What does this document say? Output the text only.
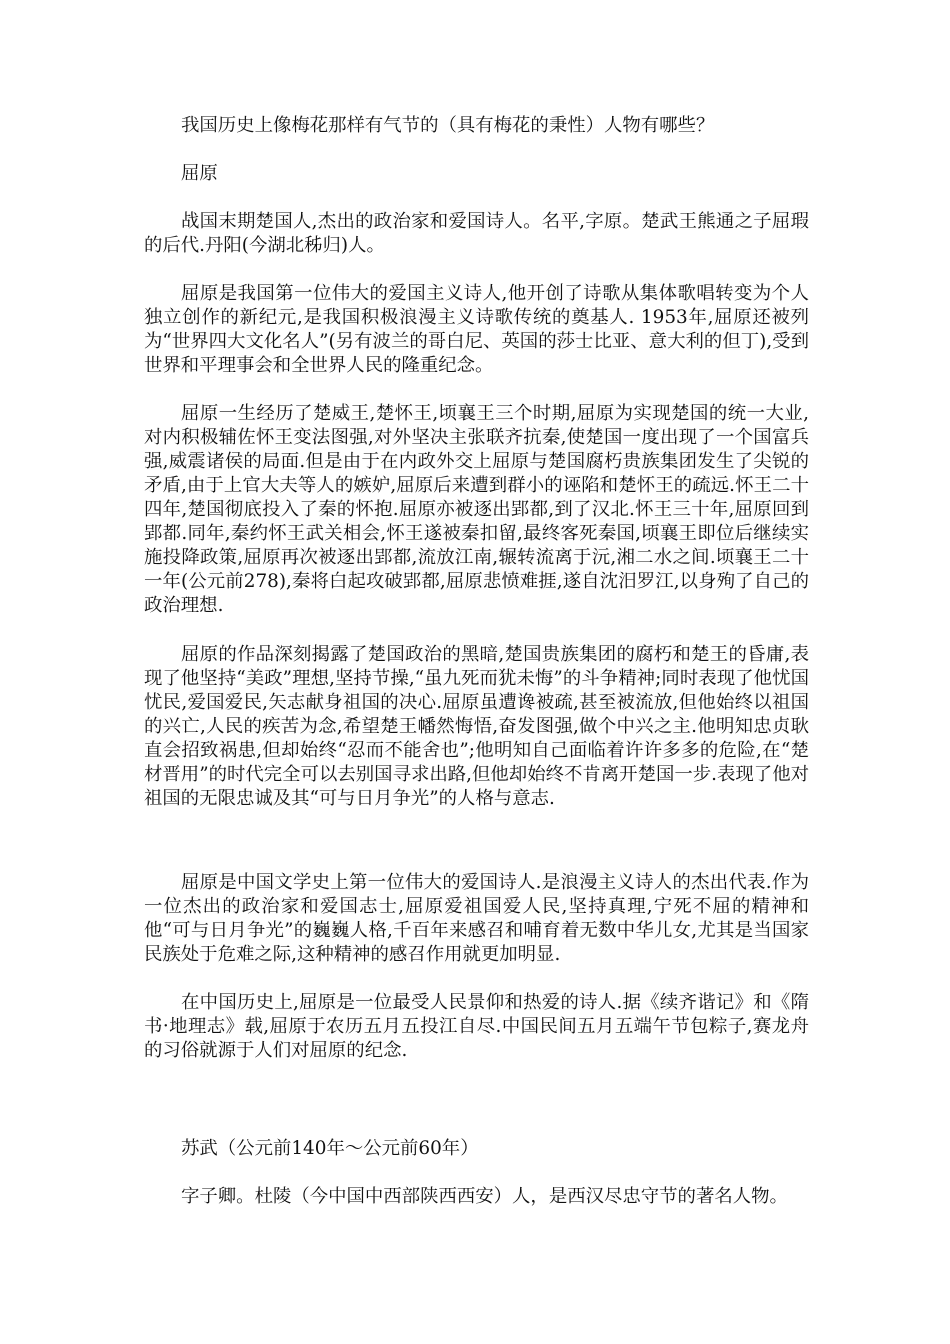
我国历史上像梅花那样有气节的（具有梅花的秉性）人物有哪些？

屈原

战国末期楚国人,杰出的政治家和爱国诗人。名平,字原。楚武王熊通之子屈瑕的后代.丹阳(今湖北秭归)人。

屈原是我国第一位伟大的爱国主义诗人,他开创了诗歌从集体歌唱转变为个人独立创作的新纪元,是我国积极浪漫主义诗歌传统的奠基人. 1953年,屈原还被列为“世界四大文化名人”(另有波兰的哥白尼、英国的莎士比亚、意大利的但丁),受到世界和平理事会和全世界人民的隆重纪念。

屈原一生经历了楚威王,楚怀王,顷襄王三个时期,屈原为实现楚国的统一大业,对内积极辅佐怀王变法图强,对外坚决主张联齐抗秦,使楚国一度出现了一个国富兵强,威震诸侯的局面.但是由于在内政外交上屈原与楚国腐朽贵族集团发生了尖锐的矛盾,由于上官大夫等人的嫉妒,屈原后来遭到群小的诬陷和楚怀王的疏远.怀王二十四年,楚国彻底投入了秦的怀抱.屈原亦被逐出郢都,到了汉北.怀王三十年,屈原回到郢都.同年,秦约怀王武关相会,怀王遂被秦扣留,最终客死秦国,顷襄王即位后继续实施投降政策,屈原再次被逐出郢都,流放江南,辗转流离于沅,湘二水之间.顷襄王二十一年(公元前278),秦将白起攻破郢都,屈原悲愤难捱,遂自沈汨罗江,以身殉了自己的政治理想.

屈原的作品深刻揭露了楚国政治的黑暗,楚国贵族集团的腐朽和楚王的昏庸,表现了他坚持“美政”理想,坚持节操,“虽九死而犹未悔”的斗争精神;同时表现了他忧国忧民,爱国爱民,矢志献身祖国的决心.屈原虽遭谗被疏,甚至被流放,但他始终以祖国的兴亡,人民的疾苦为念,希望楚王幡然悔悟,奋发图强,做个中兴之主.他明知忠贞耿直会招致祸患,但却始终“忍而不能舍也”;他明知自己面临着许许多多的危险,在“楚材晋用”的时代完全可以去别国寻求出路,但他却始终不肯离开楚国一步.表现了他对祖国的无限忠诚及其“可与日月争光”的人格与意志.

屈原是中国文学史上第一位伟大的爱国诗人.是浪漫主义诗人的杰出代表.作为一位杰出的政治家和爱国志士,屈原爱祖国爱人民,坚持真理,宁死不屈的精神和他“可与日月争光”的巍巍人格,千百年来感召和哺育着无数中华儿女,尤其是当国家民族处于危难之际,这种精神的感召作用就更加明显.

在中国历史上,屈原是一位最受人民景仰和热爱的诗人.据《续齐谐记》和《隋书·地理志》载,屈原于农历五月五投江自尽.中国民间五月五端午节包粽子,赛龙舟的习俗就源于人们对屈原的纪念.

苏武（公元前140年～公元前60年）

字子卿。杜陵（今中国中西部陕西西安）人，是西汉尽忠守节的著名人物。
